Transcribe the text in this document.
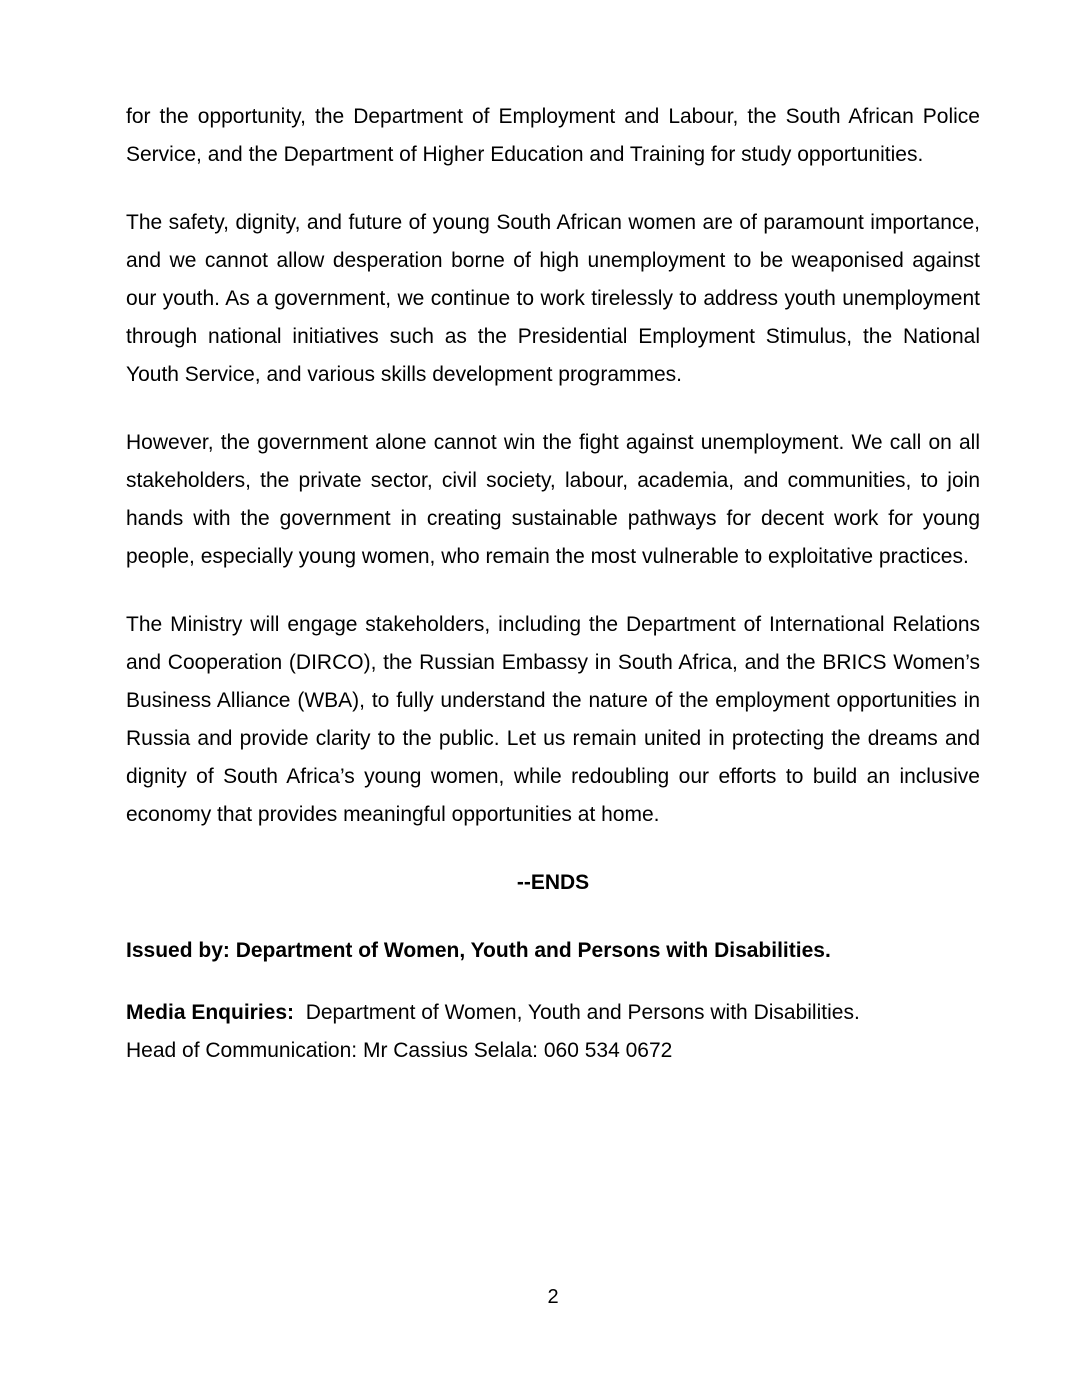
for the opportunity, the Department of Employment and Labour, the South African Police Service, and the Department of Higher Education and Training for study opportunities.

The safety, dignity, and future of young South African women are of paramount importance, and we cannot allow desperation borne of high unemployment to be weaponised against our youth. As a government, we continue to work tirelessly to address youth unemployment through national initiatives such as the Presidential Employment Stimulus, the National Youth Service, and various skills development programmes.

However, the government alone cannot win the fight against unemployment. We call on all stakeholders, the private sector, civil society, labour, academia, and communities, to join hands with the government in creating sustainable pathways for decent work for young people, especially young women, who remain the most vulnerable to exploitative practices.

The Ministry will engage stakeholders, including the Department of International Relations and Cooperation (DIRCO), the Russian Embassy in South Africa, and the BRICS Women’s Business Alliance (WBA), to fully understand the nature of the employment opportunities in Russia and provide clarity to the public. Let us remain united in protecting the dreams and dignity of South Africa’s young women, while redoubling our efforts to build an inclusive economy that provides meaningful opportunities at home.

--ENDS

Issued by: Department of Women, Youth and Persons with Disabilities.

Media Enquiries: Department of Women, Youth and Persons with Disabilities.

Head of Communication: Mr Cassius Selala: 060 534 0672

2
